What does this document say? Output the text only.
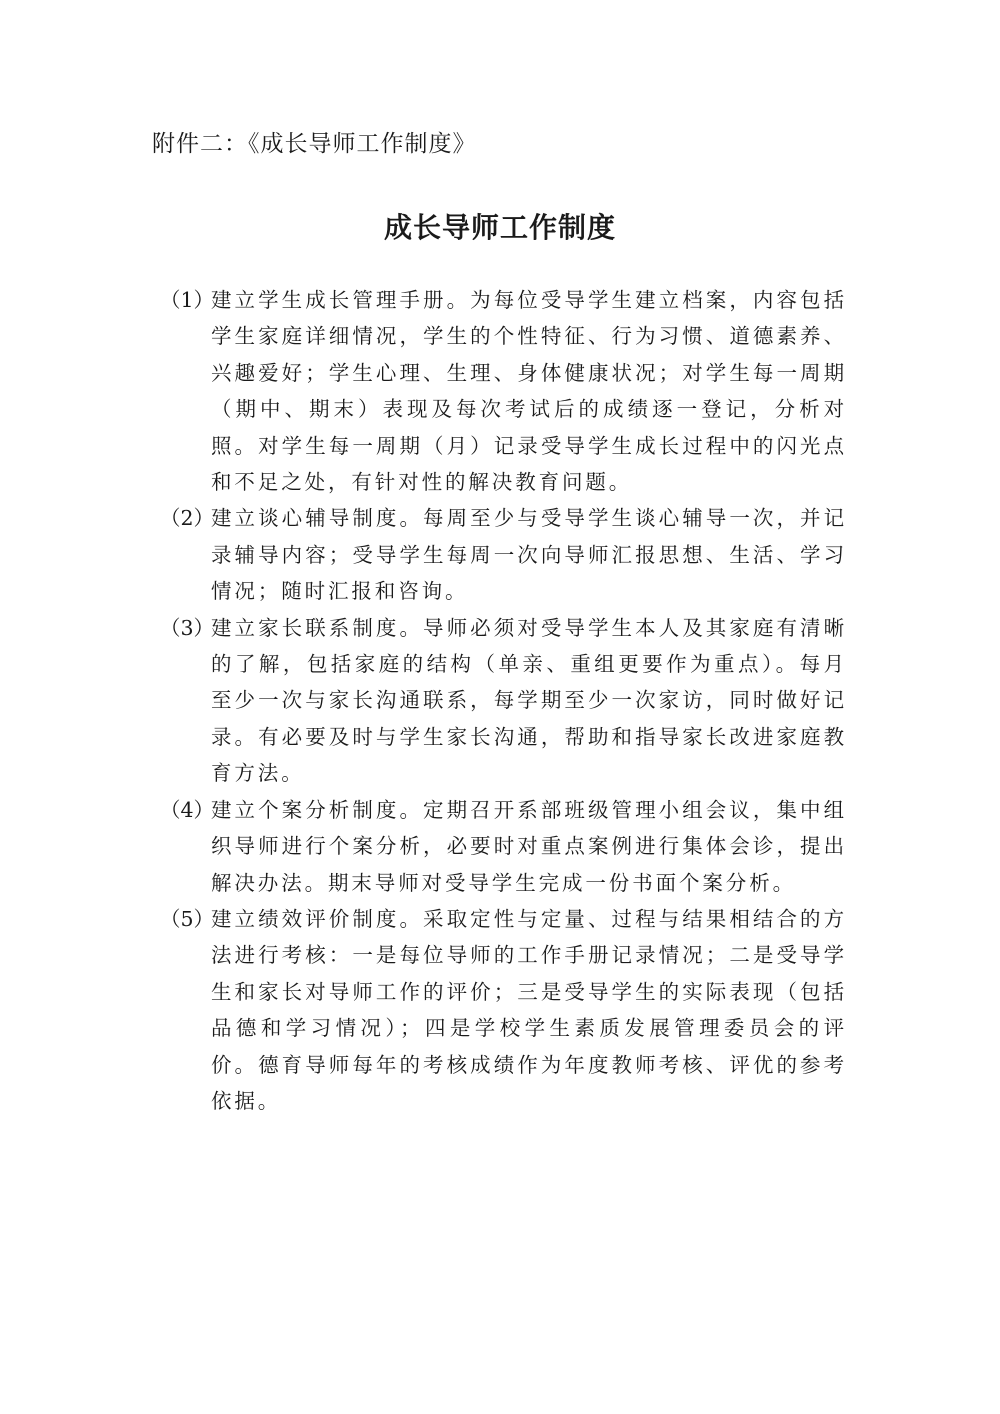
附件二：《成长导师工作制度》
成长导师工作制度
（1）
建立学生成长管理手册。为每位受导学生建立档案，内容包括学生家庭详细情况，学生的个性特征、行为习惯、道德素养、兴趣爱好；学生心理、生理、身体健康状况；对学生每一周期（期中、期末）表现及每次考试后的成绩逐一登记，分析对照。对学生每一周期（月）记录受导学生成长过程中的闪光点和不足之处，有针对性的解决教育问题。
（2）
建立谈心辅导制度。每周至少与受导学生谈心辅导一次，并记录辅导内容；受导学生每周一次向导师汇报思想、生活、学习情况；随时汇报和咨询。
（3）
建立家长联系制度。导师必须对受导学生本人及其家庭有清晰的了解，包括家庭的结构（单亲、重组更要作为重点）。每月至少一次与家长沟通联系，每学期至少一次家访，同时做好记录。有必要及时与学生家长沟通，帮助和指导家长改进家庭教育方法。
（4）
建立个案分析制度。定期召开系部班级管理小组会议，集中组织导师进行个案分析，必要时对重点案例进行集体会诊，提出解决办法。期末导师对受导学生完成一份书面个案分析。
（5）
建立绩效评价制度。采取定性与定量、过程与结果相结合的方法进行考核：一是每位导师的工作手册记录情况；二是受导学生和家长对导师工作的评价；三是受导学生的实际表现（包括品德和学习情况）；四是学校学生素质发展管理委员会的评价。德育导师每年的考核成绩作为年度教师考核、评优的参考依据。
